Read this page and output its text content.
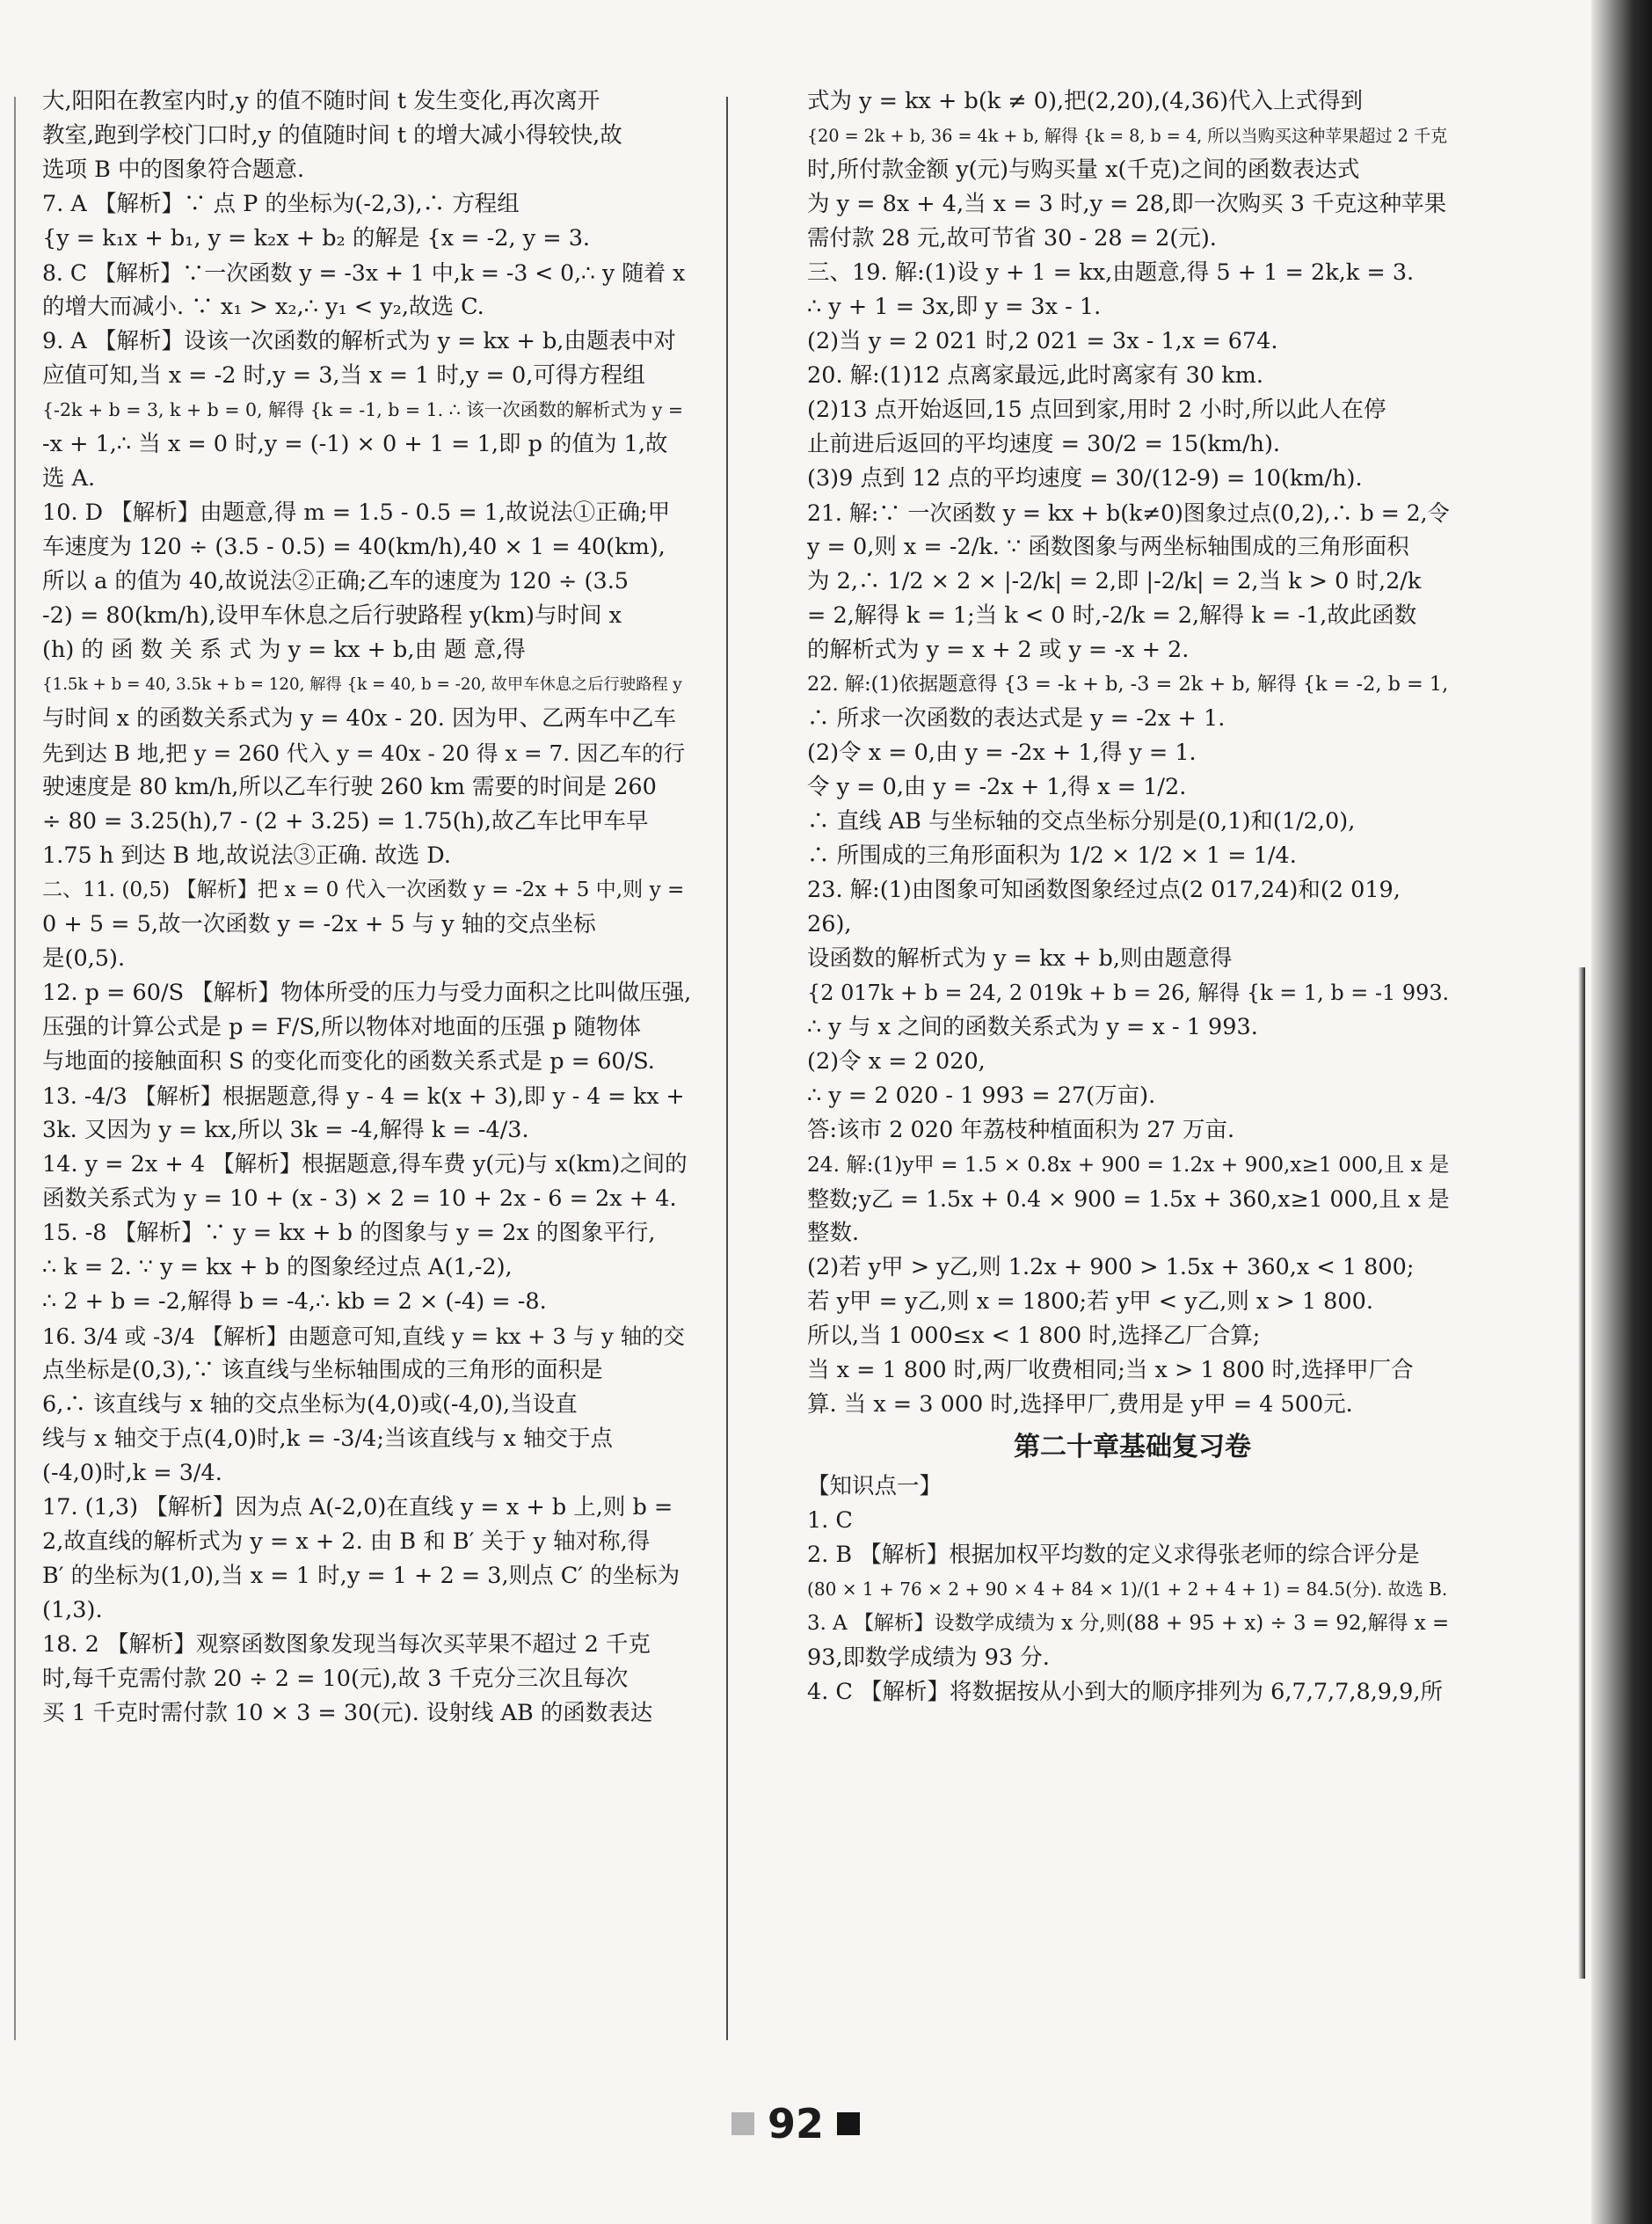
大,阳阳在教室内时,y 的值不随时间 t 发生变化,再次离开
教室,跑到学校门口时,y 的值随时间 t 的增大减小得较快,故
选项 B 中的图象符合题意.
7. A 【解析】∵ 点 P 的坐标为(-2,3),∴ 方程组
{y = k₁x + b₁, y = k₂x + b₂ 的解是 {x = -2, y = 3.
8. C 【解析】∵一次函数 y = -3x + 1 中,k = -3 < 0,∴ y 随着 x
的增大而减小. ∵ x₁ > x₂,∴ y₁ < y₂,故选 C.
9. A 【解析】设该一次函数的解析式为 y = kx + b,由题表中对
应值可知,当 x = -2 时,y = 3,当 x = 1 时,y = 0,可得方程组
{-2k + b = 3, k + b = 0, 解得 {k = -1, b = 1. ∴ 该一次函数的解析式为 y =
-x + 1,∴ 当 x = 0 时,y = (-1) × 0 + 1 = 1,即 p 的值为 1,故
选 A.
10. D 【解析】由题意,得 m = 1.5 - 0.5 = 1,故说法①正确;甲
车速度为 120 ÷ (3.5 - 0.5) = 40(km/h),40 × 1 = 40(km),
所以 a 的值为 40,故说法②正确;乙车的速度为 120 ÷ (3.5
-2) = 80(km/h),设甲车休息之后行驶路程 y(km)与时间 x
(h) 的 函 数 关 系 式 为 y = kx + b,由 题 意,得
{1.5k + b = 40, 3.5k + b = 120, 解得 {k = 40, b = -20, 故甲车休息之后行驶路程 y
与时间 x 的函数关系式为 y = 40x - 20. 因为甲、乙两车中乙车
先到达 B 地,把 y = 260 代入 y = 40x - 20 得 x = 7. 因乙车的行
驶速度是 80 km/h,所以乙车行驶 260 km 需要的时间是 260
÷ 80 = 3.25(h),7 - (2 + 3.25) = 1.75(h),故乙车比甲车早
1.75 h 到达 B 地,故说法③正确. 故选 D.
二、11. (0,5) 【解析】把 x = 0 代入一次函数 y = -2x + 5 中,则 y =
0 + 5 = 5,故一次函数 y = -2x + 5 与 y 轴的交点坐标
是(0,5).
12. p = 60/S 【解析】物体所受的压力与受力面积之比叫做压强,
压强的计算公式是 p = F/S,所以物体对地面的压强 p 随物体
与地面的接触面积 S 的变化而变化的函数关系式是 p = 60/S.
13. -4/3 【解析】根据题意,得 y - 4 = k(x + 3),即 y - 4 = kx +
3k. 又因为 y = kx,所以 3k = -4,解得 k = -4/3.
14. y = 2x + 4 【解析】根据题意,得车费 y(元)与 x(km)之间的
函数关系式为 y = 10 + (x - 3) × 2 = 10 + 2x - 6 = 2x + 4.
15. -8 【解析】∵ y = kx + b 的图象与 y = 2x 的图象平行,
∴ k = 2. ∵ y = kx + b 的图象经过点 A(1,-2),
∴ 2 + b = -2,解得 b = -4,∴ kb = 2 × (-4) = -8.
16. 3/4 或 -3/4 【解析】由题意可知,直线 y = kx + 3 与 y 轴的交
点坐标是(0,3),∵ 该直线与坐标轴围成的三角形的面积是
6,∴ 该直线与 x 轴的交点坐标为(4,0)或(-4,0),当设直
线与 x 轴交于点(4,0)时,k = -3/4;当该直线与 x 轴交于点
(-4,0)时,k = 3/4.
17. (1,3) 【解析】因为点 A(-2,0)在直线 y = x + b 上,则 b =
2,故直线的解析式为 y = x + 2. 由 B 和 B′ 关于 y 轴对称,得
B′ 的坐标为(1,0),当 x = 1 时,y = 1 + 2 = 3,则点 C′ 的坐标为
(1,3).
18. 2 【解析】观察函数图象发现当每次买苹果不超过 2 千克
时,每千克需付款 20 ÷ 2 = 10(元),故 3 千克分三次且每次
买 1 千克时需付款 10 × 3 = 30(元). 设射线 AB 的函数表达
式为 y = kx + b(k ≠ 0),把(2,20),(4,36)代入上式得到
{20 = 2k + b, 36 = 4k + b, 解得 {k = 8, b = 4, 所以当购买这种苹果超过 2 千克
时,所付款金额 y(元)与购买量 x(千克)之间的函数表达式
为 y = 8x + 4,当 x = 3 时,y = 28,即一次购买 3 千克这种苹果
需付款 28 元,故可节省 30 - 28 = 2(元).
三、19. 解:(1)设 y + 1 = kx,由题意,得 5 + 1 = 2k,k = 3.
∴ y + 1 = 3x,即 y = 3x - 1.
(2)当 y = 2 021 时,2 021 = 3x - 1,x = 674.
20. 解:(1)12 点离家最远,此时离家有 30 km.
(2)13 点开始返回,15 点回到家,用时 2 小时,所以此人在停
止前进后返回的平均速度 = 30/2 = 15(km/h).
(3)9 点到 12 点的平均速度 = 30/(12-9) = 10(km/h).
21. 解:∵ 一次函数 y = kx + b(k≠0)图象过点(0,2),∴ b = 2,令
y = 0,则 x = -2/k. ∵ 函数图象与两坐标轴围成的三角形面积
为 2,∴ 1/2 × 2 × |-2/k| = 2,即 |-2/k| = 2,当 k > 0 时,2/k
= 2,解得 k = 1;当 k < 0 时,-2/k = 2,解得 k = -1,故此函数
的解析式为 y = x + 2 或 y = -x + 2.
22. 解:(1)依据题意得 {3 = -k + b, -3 = 2k + b, 解得 {k = -2, b = 1,
∴ 所求一次函数的表达式是 y = -2x + 1.
(2)令 x = 0,由 y = -2x + 1,得 y = 1.
令 y = 0,由 y = -2x + 1,得 x = 1/2.
∴ 直线 AB 与坐标轴的交点坐标分别是(0,1)和(1/2,0),
∴ 所围成的三角形面积为 1/2 × 1/2 × 1 = 1/4.
23. 解:(1)由图象可知函数图象经过点(2 017,24)和(2 019,
26),
设函数的解析式为 y = kx + b,则由题意得
{2 017k + b = 24, 2 019k + b = 26, 解得 {k = 1, b = -1 993.
∴ y 与 x 之间的函数关系式为 y = x - 1 993.
(2)令 x = 2 020,
∴ y = 2 020 - 1 993 = 27(万亩).
答:该市 2 020 年荔枝种植面积为 27 万亩.
24. 解:(1)y甲 = 1.5 × 0.8x + 900 = 1.2x + 900,x≥1 000,且 x 是
整数;y乙 = 1.5x + 0.4 × 900 = 1.5x + 360,x≥1 000,且 x 是
整数.
(2)若 y甲 > y乙,则 1.2x + 900 > 1.5x + 360,x < 1 800;
若 y甲 = y乙,则 x = 1800;若 y甲 < y乙,则 x > 1 800.
所以,当 1 000≤x < 1 800 时,选择乙厂合算;
当 x = 1 800 时,两厂收费相同;当 x > 1 800 时,选择甲厂合
算. 当 x = 3 000 时,选择甲厂,费用是 y甲 = 4 500元.
第二十章基础复习卷
【知识点一】
1. C
2. B 【解析】根据加权平均数的定义求得张老师的综合评分是
(80 × 1 + 76 × 2 + 90 × 4 + 84 × 1)/(1 + 2 + 4 + 1) = 84.5(分). 故选 B.
3. A 【解析】设数学成绩为 x 分,则(88 + 95 + x) ÷ 3 = 92,解得 x =
93,即数学成绩为 93 分.
4. C 【解析】将数据按从小到大的顺序排列为 6,7,7,7,8,9,9,所
92
